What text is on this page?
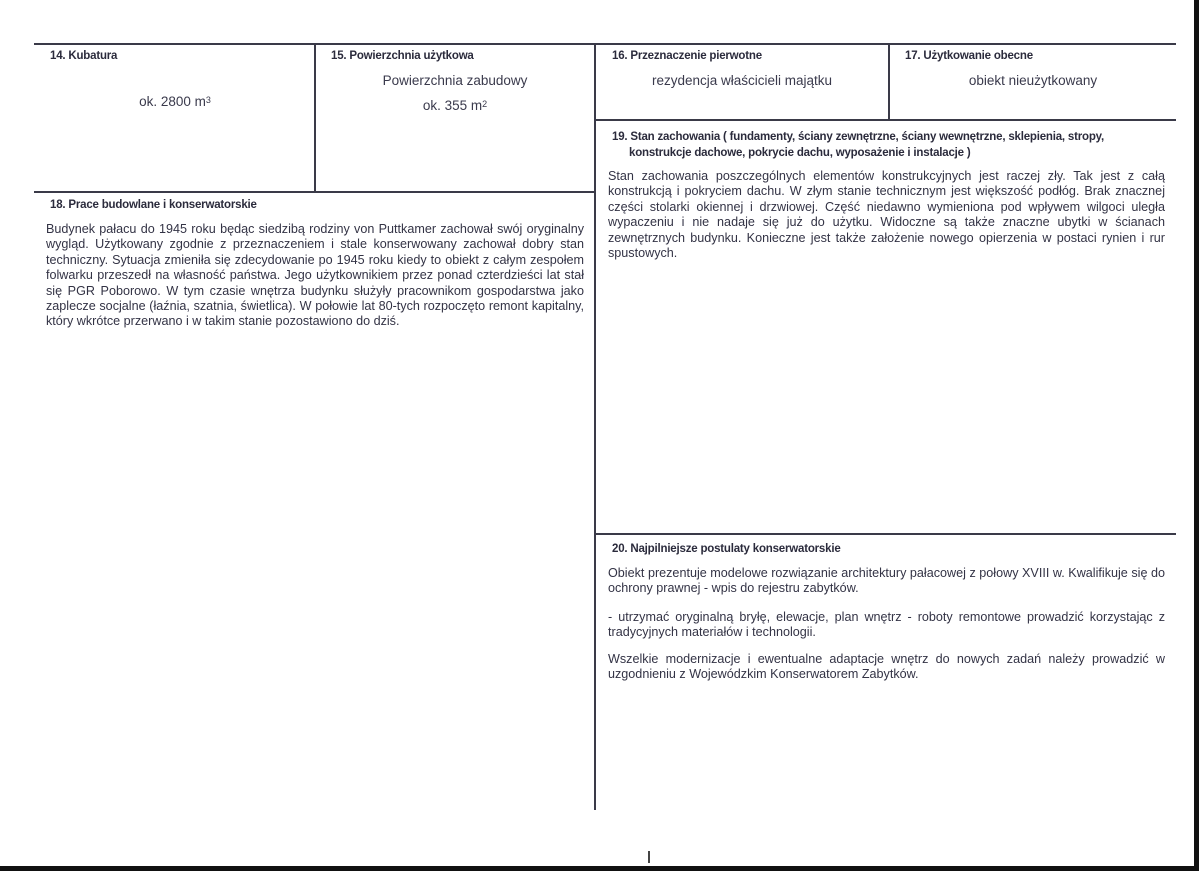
14. Kubatura
ok. 2800 $m^3$
15. Powierzchnia użytkowa
Powierzchnia zabudowy
ok. 355 $m^2$
16. Przeznaczenie pierwotne
rezydencja właścicieli majątku
17. Użytkowanie obecne
obiekt nieużytkowany
19. Stan zachowania ( fundamenty, ściany zewnętrzne, ściany wewnętrzne, sklepienia, stropy,
konstrukcje dachowe, pokrycie dachu, wyposażenie i instalacje )

Stan zachowania poszczególnych elementów konstrukcyjnych jest raczej zły. Tak jest z całą konstrukcją i pokryciem dachu. W złym stanie technicznym jest większość podłóg. Brak znacznej części stolarki okiennej i drzwiowej. Część niedawno wymieniona pod wpływem wilgoci uległa wypaczeniu i nie nadaje się już do użytku. Widoczne są także znaczne ubytki w ścianach zewnętrznych budynku. Konieczne jest także założenie nowego opierzenia w postaci rynien i rur spustowych.

18. Prace budowlane i konserwatorskie

Budynek pałacu do 1945 roku będąc siedzibą rodziny von Puttkamer zachował swój oryginalny wygląd. Użytkowany zgodnie z przeznaczeniem i stale konserwowany zachował dobry stan techniczny. Sytuacja zmieniła się zdecydowanie po 1945 roku kiedy to obiekt z całym zespołem folwarku przeszedł na własność państwa. Jego użytkownikiem przez ponad czterdzieści lat stał się PGR Poborowo. W tym czasie wnętrza budynku służyły pracownikom gospodarstwa jako zaplecze socjalne (łaźnia, szatnia, świetlica). W połowie lat 80-tych rozpoczęto remont kapitalny, który wkrótce przerwano i w takim stanie pozostawiono do dziś.

20. Najpilniejsze postulaty konserwatorskie

Obiekt prezentuje modelowe rozwiązanie architektury pałacowej z połowy XVIII w. Kwalifikuje się do ochrony prawnej - wpis do rejestru zabytków.

- utrzymać oryginalną bryłę, elewacje, plan wnętrz - roboty remontowe prowadzić korzystając z tradycyjnych materiałów i technologii.

Wszelkie modernizacje i ewentualne adaptacje wnętrz do nowych zadań należy prowadzić w uzgodnieniu z Wojewódzkim Konserwatorem Zabytków.
